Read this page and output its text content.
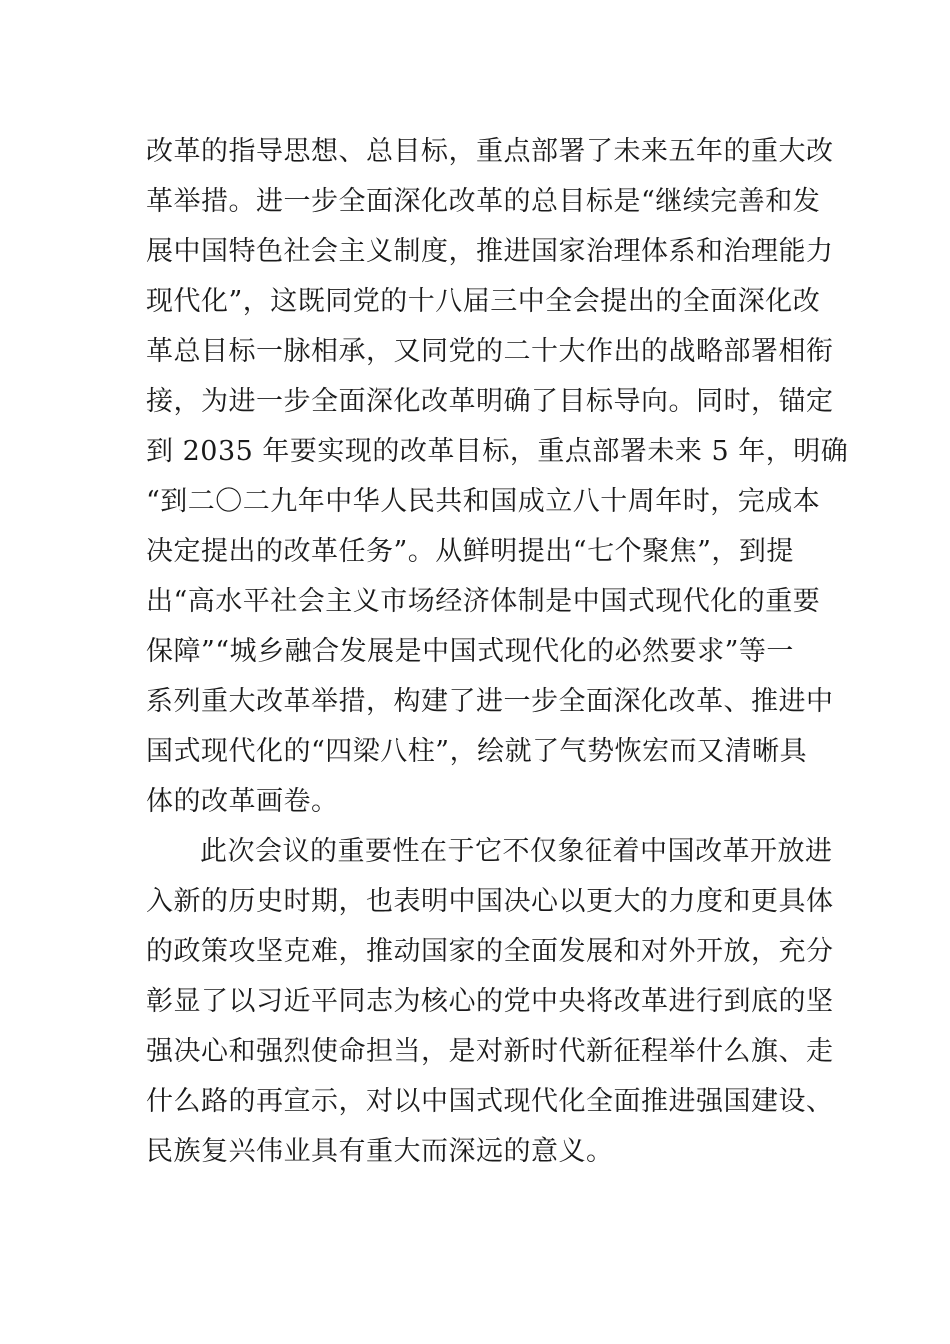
改革的指导思想、总目标，重点部署了未来五年的重大改
革举措。进一步全面深化改革的总目标是“继续完善和发
展中国特色社会主义制度，推进国家治理体系和治理能力
现代化”，这既同党的十八届三中全会提出的全面深化改
革总目标一脉相承，又同党的二十大作出的战略部署相衔
接，为进一步全面深化改革明确了目标导向。同时，锚定
到 2035 年要实现的改革目标，重点部署未来 5 年，明确
“到二〇二九年中华人民共和国成立八十周年时，完成本
决定提出的改革任务”。从鲜明提出“七个聚焦”，到提
出“高水平社会主义市场经济体制是中国式现代化的重要
保障”“城乡融合发展是中国式现代化的必然要求”等一
系列重大改革举措，构建了进一步全面深化改革、推进中
国式现代化的“四梁八柱”，绘就了气势恢宏而又清晰具
体的改革画卷。
此次会议的重要性在于它不仅象征着中国改革开放进
入新的历史时期，也表明中国决心以更大的力度和更具体
的政策攻坚克难，推动国家的全面发展和对外开放，充分
彰显了以习近平同志为核心的党中央将改革进行到底的坚
强决心和强烈使命担当，是对新时代新征程举什么旗、走
什么路的再宣示，对以中国式现代化全面推进强国建设、
民族复兴伟业具有重大而深远的意义。
